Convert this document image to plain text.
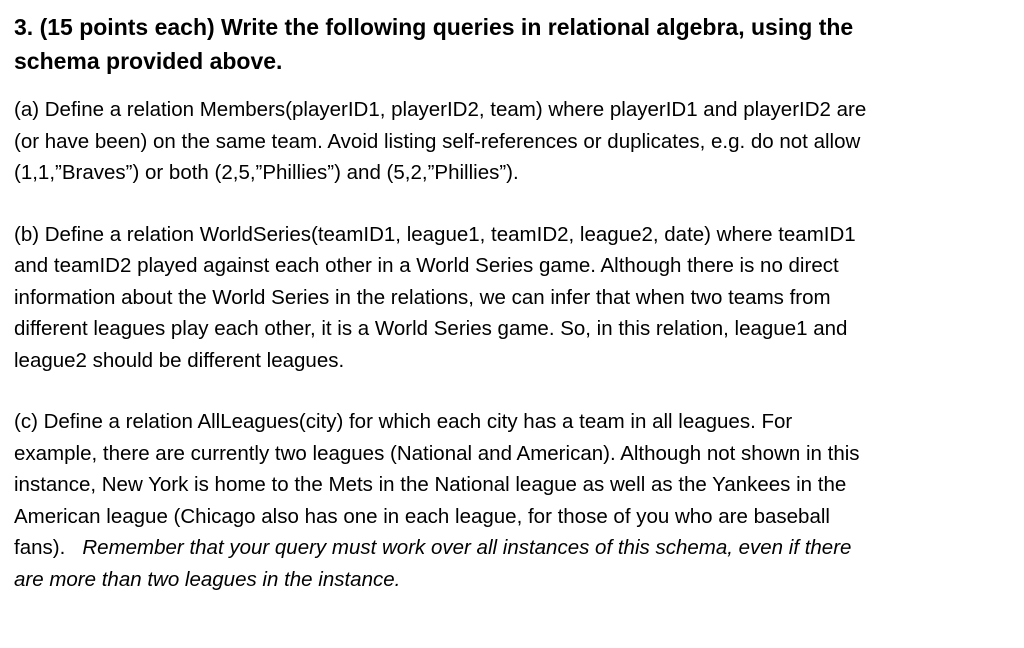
3. (15 points each) Write the following queries in relational algebra, using the
schema provided above.

(a) Define a relation Members(playerID1, playerID2, team) where playerID1 and playerID2 are
(or have been) on the same team. Avoid listing self-references or duplicates, e.g. do not allow
(1,1,”Braves”) or both (2,5,”Phillies”) and (5,2,”Phillies”).

(b) Define a relation WorldSeries(teamID1, league1, teamID2, league2, date) where teamID1
and teamID2 played against each other in a World Series game. Although there is no direct
information about the World Series in the relations, we can infer that when two teams from
different leagues play each other, it is a World Series game. So, in this relation, league1 and
league2 should be different leagues.

(c) Define a relation AllLeagues(city) for which each city has a team in all leagues. For
example, there are currently two leagues (National and American). Although not shown in this
instance, New York is home to the Mets in the National league as well as the Yankees in the
American league (Chicago also has one in each league, for those of you who are baseball
fans).   Remember that your query must work over all instances of this schema, even if there
are more than two leagues in the instance.
